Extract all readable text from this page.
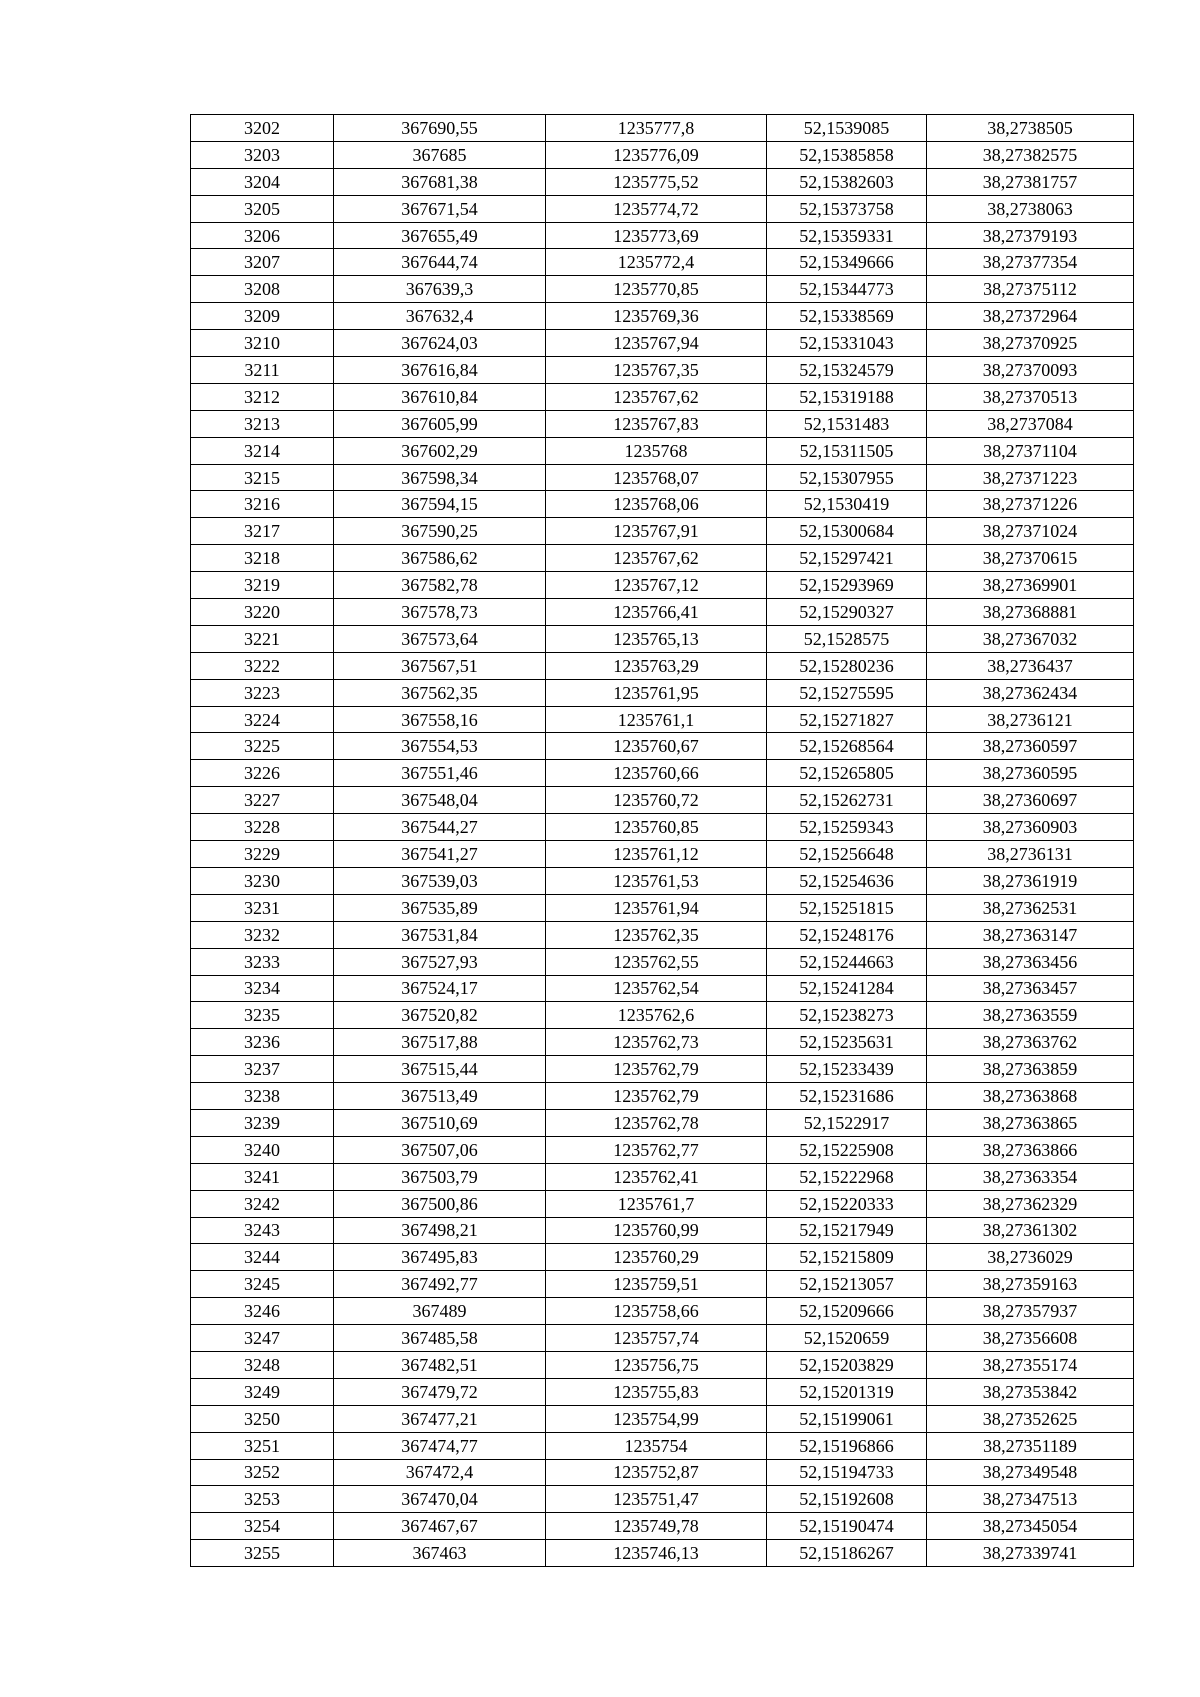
3202	367690,55	1235777,8	52,1539085	38,2738505
3203	367685	1235776,09	52,15385858	38,27382575
3204	367681,38	1235775,52	52,15382603	38,27381757
3205	367671,54	1235774,72	52,15373758	38,2738063
3206	367655,49	1235773,69	52,15359331	38,27379193
3207	367644,74	1235772,4	52,15349666	38,27377354
3208	367639,3	1235770,85	52,15344773	38,27375112
3209	367632,4	1235769,36	52,15338569	38,27372964
3210	367624,03	1235767,94	52,15331043	38,27370925
3211	367616,84	1235767,35	52,15324579	38,27370093
3212	367610,84	1235767,62	52,15319188	38,27370513
3213	367605,99	1235767,83	52,1531483	38,2737084
3214	367602,29	1235768	52,15311505	38,27371104
3215	367598,34	1235768,07	52,15307955	38,27371223
3216	367594,15	1235768,06	52,1530419	38,27371226
3217	367590,25	1235767,91	52,15300684	38,27371024
3218	367586,62	1235767,62	52,15297421	38,27370615
3219	367582,78	1235767,12	52,15293969	38,27369901
3220	367578,73	1235766,41	52,15290327	38,27368881
3221	367573,64	1235765,13	52,1528575	38,27367032
3222	367567,51	1235763,29	52,15280236	38,2736437
3223	367562,35	1235761,95	52,15275595	38,27362434
3224	367558,16	1235761,1	52,15271827	38,2736121
3225	367554,53	1235760,67	52,15268564	38,27360597
3226	367551,46	1235760,66	52,15265805	38,27360595
3227	367548,04	1235760,72	52,15262731	38,27360697
3228	367544,27	1235760,85	52,15259343	38,27360903
3229	367541,27	1235761,12	52,15256648	38,2736131
3230	367539,03	1235761,53	52,15254636	38,27361919
3231	367535,89	1235761,94	52,15251815	38,27362531
3232	367531,84	1235762,35	52,15248176	38,27363147
3233	367527,93	1235762,55	52,15244663	38,27363456
3234	367524,17	1235762,54	52,15241284	38,27363457
3235	367520,82	1235762,6	52,15238273	38,27363559
3236	367517,88	1235762,73	52,15235631	38,27363762
3237	367515,44	1235762,79	52,15233439	38,27363859
3238	367513,49	1235762,79	52,15231686	38,27363868
3239	367510,69	1235762,78	52,1522917	38,27363865
3240	367507,06	1235762,77	52,15225908	38,27363866
3241	367503,79	1235762,41	52,15222968	38,27363354
3242	367500,86	1235761,7	52,15220333	38,27362329
3243	367498,21	1235760,99	52,15217949	38,27361302
3244	367495,83	1235760,29	52,15215809	38,2736029
3245	367492,77	1235759,51	52,15213057	38,27359163
3246	367489	1235758,66	52,15209666	38,27357937
3247	367485,58	1235757,74	52,1520659	38,27356608
3248	367482,51	1235756,75	52,15203829	38,27355174
3249	367479,72	1235755,83	52,15201319	38,27353842
3250	367477,21	1235754,99	52,15199061	38,27352625
3251	367474,77	1235754	52,15196866	38,27351189
3252	367472,4	1235752,87	52,15194733	38,27349548
3253	367470,04	1235751,47	52,15192608	38,27347513
3254	367467,67	1235749,78	52,15190474	38,27345054
3255	367463	1235746,13	52,15186267	38,27339741
